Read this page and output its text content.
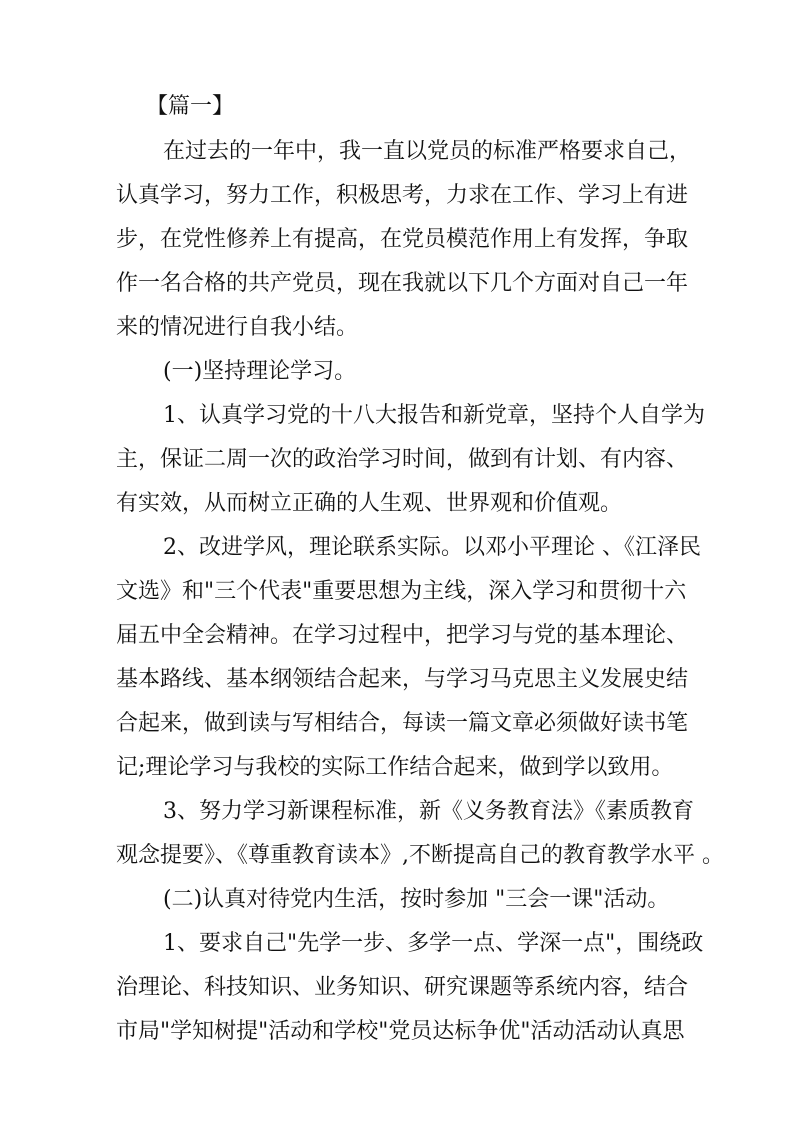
【篇一】
在过去的一年中，我一直以党员的标准严格要求自己，
认真学习，努力工作，积极思考，力求在工作、学习上有进
步，在党性修养上有提高，在党员模范作用上有发挥，争取
作一名合格的共产党员，现在我就以下几个方面对自己一年
来的情况进行自我小结。
(一)坚持理论学习。
1、认真学习党的十八大报告和新党章，坚持个人自学为
主，保证二周一次的政治学习时间，做到有计划、有内容、
有实效，从而树立正确的人生观、世界观和价值观。
2、改进学风，理论联系实际。以邓小平理论 、《江泽民
文选》和"三个代表"重要思想为主线，深入学习和贯彻十六
届五中全会精神。在学习过程中，把学习与党的基本理论、
基本路线、基本纲领结合起来，与学习马克思主义发展史结
合起来，做到读与写相结合，每读一篇文章必须做好读书笔
记;理论学习与我校的实际工作结合起来，做到学以致用。
3、努力学习新课程标准，新《义务教育法》《素质教育
观念提要》、《尊重教育读本》,不断提高自己的教育教学水平 。
(二)认真对待党内生活，按时参加 "三会一课"活动。
1、要求自己"先学一步、多学一点、学深一点"，围绕政
治理论、科技知识、业务知识、研究课题等系统内容，结合
市局"学知树提"活动和学校"党员达标争优"活动活动认真思
